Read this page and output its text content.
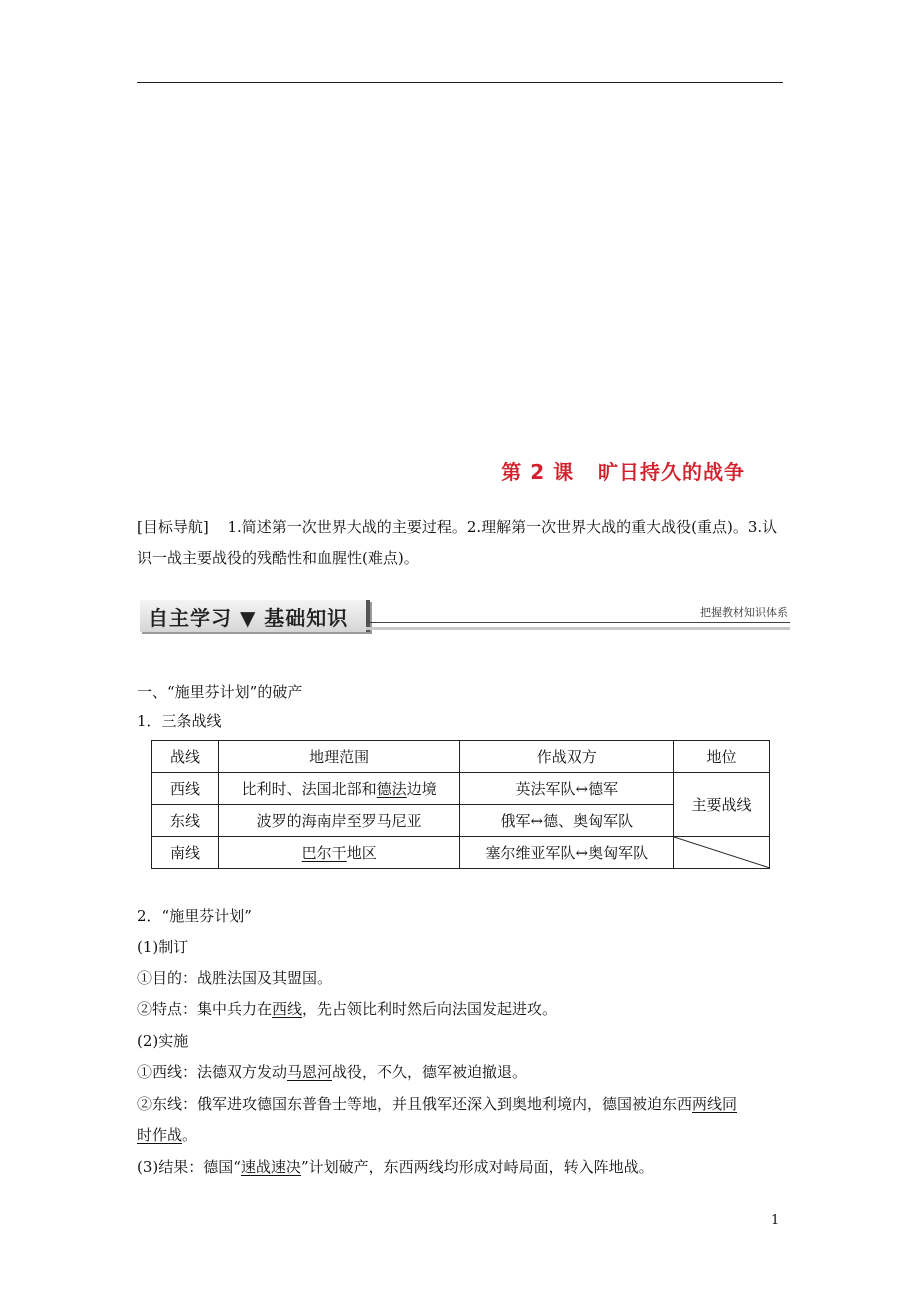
第 2 课 旷日持久的战争
[目标导航] 1.简述第一次世界大战的主要过程。2.理解第一次世界大战的重大战役(重点)。3.认识一战主要战役的残酷性和血腥性(难点)。
自主学习 ▼ 基础知识	把握教材知识体系
一、“施里芬计划”的破产
1．三条战线
战线	地理范围	作战双方	地位
西线	比利时、法国北部和德法边境	英法军队↔德军	主要战线
东线	波罗的海南岸至罗马尼亚	俄军↔德、奥匈军队	
南线	巴尔干地区	塞尔维亚军队↔奥匈军队	
2．“施里芬计划”
(1)制订
①目的：战胜法国及其盟国。
②特点：集中兵力在西线，先占领比利时然后向法国发起进攻。
(2)实施
①西线：法德双方发动马恩河战役，不久，德军被迫撤退。
②东线：俄军进攻德国东普鲁士等地，并且俄军还深入到奥地利境内，德国被迫东西两线同
时作战。
(3)结果：德国“速战速决”计划破产，东西两线均形成对峙局面，转入阵地战。
1
